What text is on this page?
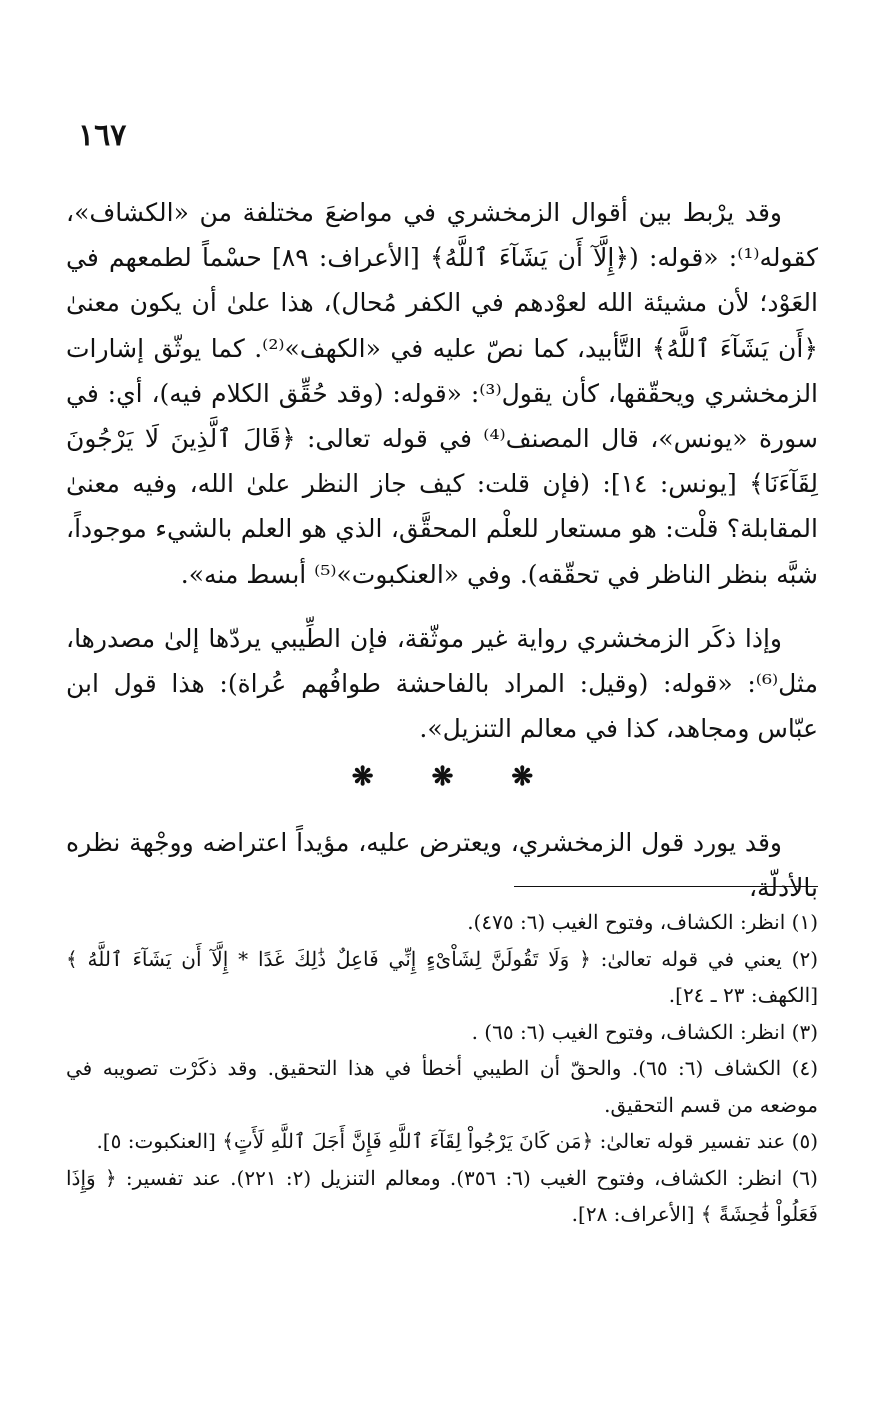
١٦٧

وقد يرْبط بين أقوال الزمخشري في مواضعَ مختلفة من «الكشاف»، كقوله⁽¹⁾: «قوله: (﴿إِلَّآ أَن يَشَآءَ ٱللَّهُ﴾ [الأعراف: ٨٩] حسْماً لطمعهم في العَوْد؛ لأن مشيئة الله لعوْدهم في الكفر مُحال)، هذا علىٰ أن يكون معنىٰ ﴿أَن يَشَآءَ ٱللَّهُ﴾ التَّأبيد، كما نصّ عليه في «الكهف»⁽²⁾. كما يوثّق إشارات الزمخشري ويحقّقها، كأن يقول⁽³⁾: «قوله: (وقد حُقِّق الكلام فيه)، أي: في سورة «يونس»، قال المصنف⁽⁴⁾ في قوله تعالى: ﴿قَالَ ٱلَّذِينَ لَا يَرْجُونَ لِقَآءَنَا﴾ [يونس: ١٤]: (فإن قلت: كيف جاز النظر علىٰ الله، وفيه معنىٰ المقابلة؟ قلْت: هو مستعار للعلْم المحقَّق، الذي هو العلم بالشيء موجوداً، شبَّه بنظر الناظر في تحقّقه). وفي «العنكبوت»⁽⁵⁾ أبسط منه».

وإذا ذكَر الزمخشري رواية غير موثّقة، فإن الطِّيبي يردّها إلىٰ مصدرها، مثل⁽⁶⁾: «قوله: (وقيل: المراد بالفاحشة طوافُهم عُراة): هذا قول ابن عبّاس ومجاهد، كذا في معالم التنزيل».

❋ ❋ ❋

وقد يورد قول الزمخشري، ويعترض عليه، مؤيداً اعتراضه ووجْهة نظره بالأدلّة،

(١) انظر: الكشاف، وفتوح الغيب (٦: ٤٧٥).
(٢) يعني في قوله تعالىٰ: ﴿ وَلَا تَقُولَنَّ لِشَاْىْءٍ إِنِّي فَاعِلٌ ذَٰلِكَ غَدًا * إِلَّآ أَن يَشَآءَ ٱللَّهُ ﴾ [الكهف: ٢٣ ـ ٢٤].
(٣) انظر: الكشاف، وفتوح الغيب (٦: ٦٥) .
(٤) الكشاف (٦: ٦٥). والحقّ أن الطيبي أخطأ في هذا التحقيق. وقد ذكَرْت تصويبه في موضعه من قسم التحقيق.
(٥) عند تفسير قوله تعالىٰ: ﴿مَن كَانَ يَرْجُواْ لِقَآءَ ٱللَّهِ فَإِنَّ أَجَلَ ٱللَّهِ لَأَتٍ﴾ [العنكبوت: ٥].
(٦) انظر: الكشاف، وفتوح الغيب (٦: ٣٥٦). ومعالم التنزيل (٢: ٢٢١). عند تفسير: ﴿ وَإِذَا فَعَلُواْ فَٰحِشَةً ﴾ [الأعراف: ٢٨].
